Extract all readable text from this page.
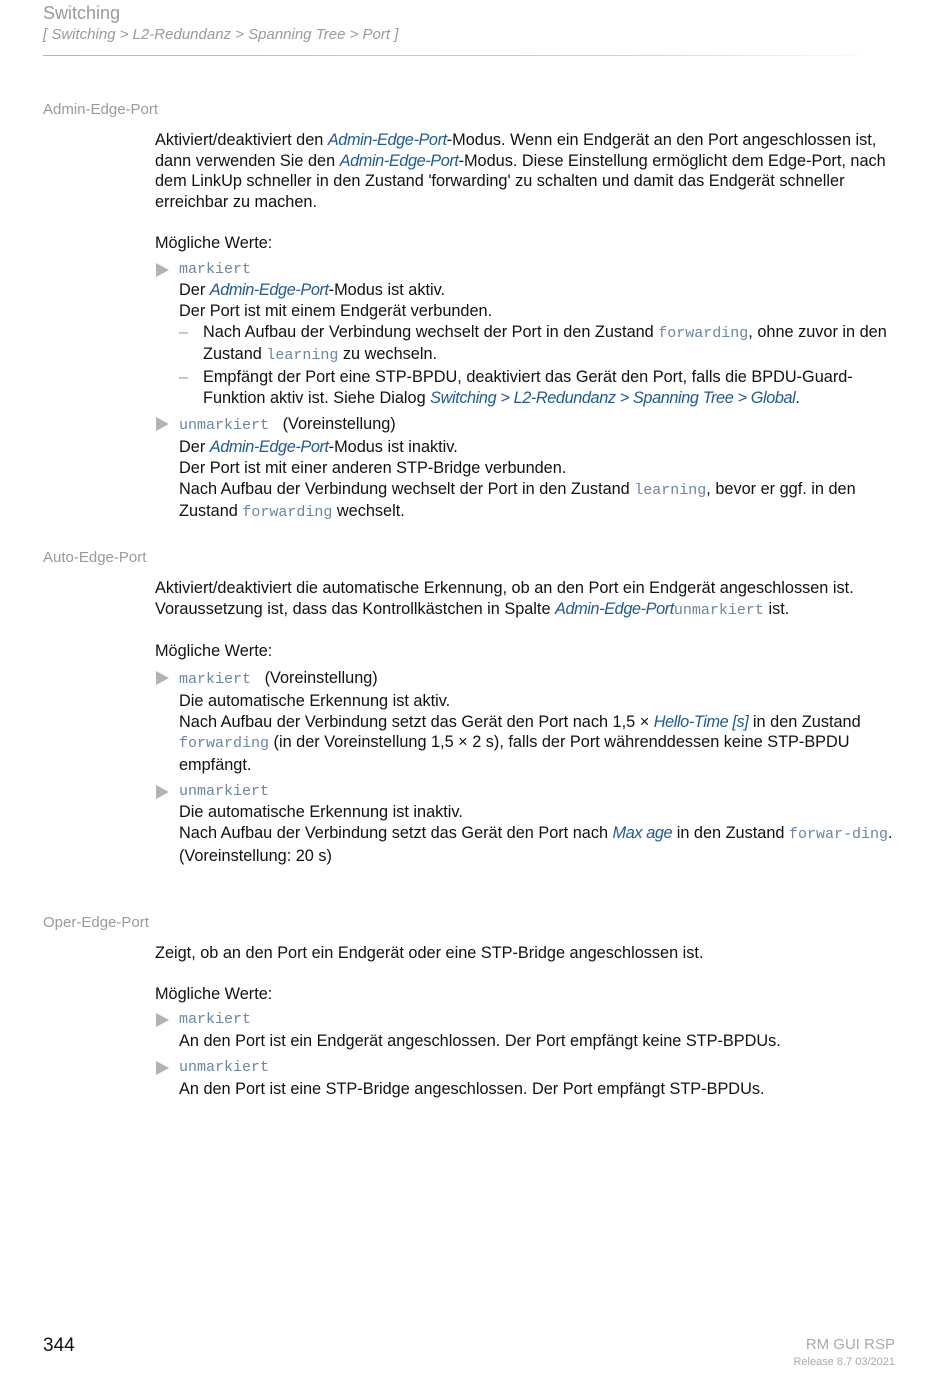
Switching
[ Switching > L2-Redundanz > Spanning Tree > Port ]
Admin-Edge-Port

Aktiviert/deaktiviert den Admin-Edge-Port-Modus. Wenn ein Endgerät an den Port angeschlossen ist, dann verwenden Sie den Admin-Edge-Port-Modus. Diese Einstellung ermöglicht dem Edge-Port, nach dem LinkUp schneller in den Zustand 'forwarding' zu schalten und damit das Endgerät schneller erreichbar zu machen.

Mögliche Werte:

markiert
Der Admin-Edge-Port-Modus ist aktiv.
Der Port ist mit einem Endgerät verbunden.
– Nach Aufbau der Verbindung wechselt der Port in den Zustand forwarding, ohne zuvor in den Zustand learning zu wechseln.
– Empfängt der Port eine STP-BPDU, deaktiviert das Gerät den Port, falls die BPDU-Guard-Funktion aktiv ist. Siehe Dialog Switching > L2-Redundanz > Spanning Tree > Global.
unmarkiert (Voreinstellung)
Der Admin-Edge-Port-Modus ist inaktiv.
Der Port ist mit einer anderen STP-Bridge verbunden.
Nach Aufbau der Verbindung wechselt der Port in den Zustand learning, bevor er ggf. in den Zustand forwarding wechselt.
Auto-Edge-Port

Aktiviert/deaktiviert die automatische Erkennung, ob an den Port ein Endgerät angeschlossen ist. Voraussetzung ist, dass das Kontrollkästchen in Spalte Admin-Edge-Portunmarkiert ist.

Mögliche Werte:

markiert (Voreinstellung)
Die automatische Erkennung ist aktiv.
Nach Aufbau der Verbindung setzt das Gerät den Port nach 1,5 × Hello-Time [s] in den Zustand forwarding (in der Voreinstellung 1,5 × 2 s), falls der Port währenddessen keine STP-BPDU empfängt.
unmarkiert
Die automatische Erkennung ist inaktiv.
Nach Aufbau der Verbindung setzt das Gerät den Port nach Max age in den Zustand forwar-ding.
(Voreinstellung: 20 s)
Oper-Edge-Port

Zeigt, ob an den Port ein Endgerät oder eine STP-Bridge angeschlossen ist.

Mögliche Werte:

markiert
An den Port ist ein Endgerät angeschlossen. Der Port empfängt keine STP-BPDUs.
unmarkiert
An den Port ist eine STP-Bridge angeschlossen. Der Port empfängt STP-BPDUs.
344	RM GUI RSP
Release 8.7 03/2021
